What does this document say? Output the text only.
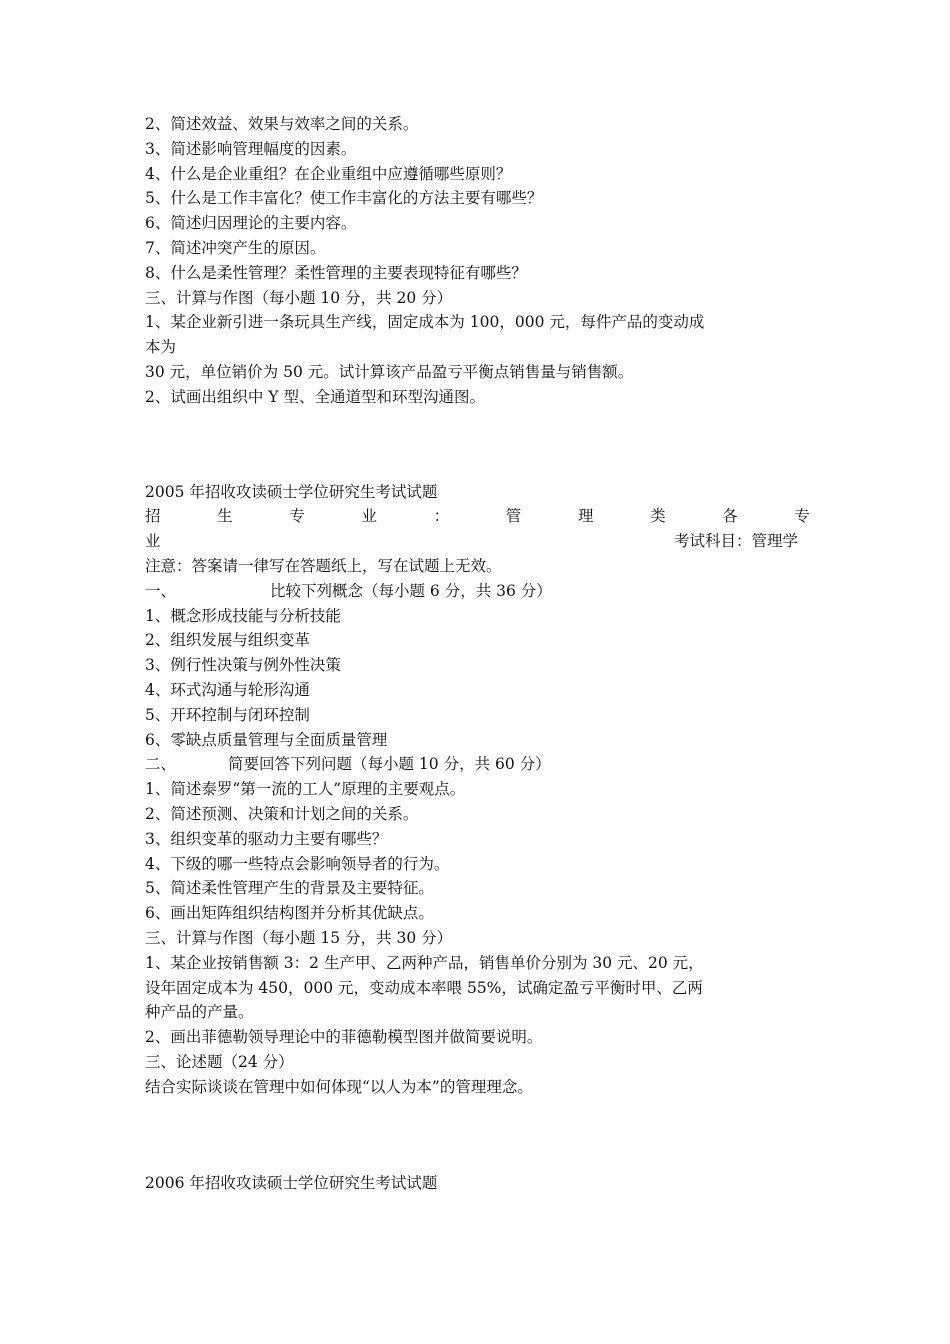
2、简述效益、效果与效率之间的关系。
3、简述影响管理幅度的因素。
4、什么是企业重组？在企业重组中应遵循哪些原则？
5、什么是工作丰富化？使工作丰富化的方法主要有哪些？
6、简述归因理论的主要内容。
7、简述冲突产生的原因。
8、什么是柔性管理？柔性管理的主要表现特征有哪些？
三、计算与作图（每小题 10 分，共 20 分）
1、某企业新引进一条玩具生产线，固定成本为 100，000 元，每件产品的变动成
本为
30 元，单位销价为 50 元。试计算该产品盈亏平衡点销售量与销售额。
2、试画出组织中 Y 型、全通道型和环型沟通图。
2005 年招收攻读硕士学位研究生考试试题
招	生	专	业	：	管	理	类	各	专
业	考试科目：管理学
注意：答案请一律写在答题纸上，写在试题上无效。
一、	比较下列概念（每小题 6 分，共 36 分）
1、概念形成技能与分析技能
2、组织发展与组织变革
3、例行性决策与例外性决策
4、环式沟通与轮形沟通
5、开环控制与闭环控制
6、零缺点质量管理与全面质量管理
二、	简要回答下列问题（每小题 10 分，共 60 分）
1、简述泰罗“第一流的工人”原理的主要观点。
2、简述预测、决策和计划之间的关系。
3、组织变革的驱动力主要有哪些？
4、下级的哪一些特点会影响领导者的行为。
5、简述柔性管理产生的背景及主要特征。
6、画出矩阵组织结构图并分析其优缺点。
三、计算与作图（每小题 15 分，共 30 分）
1、某企业按销售额 3：2 生产甲、乙两种产品，销售单价分别为 30 元、20 元，
设年固定成本为 450，000 元，变动成本率喂 55%，试确定盈亏平衡时甲、乙两
种产品的产量。
2、画出菲德勒领导理论中的菲德勒模型图并做简要说明。
三、论述题（24 分）
结合实际谈谈在管理中如何体现“以人为本”的管理理念。
2006 年招收攻读硕士学位研究生考试试题
